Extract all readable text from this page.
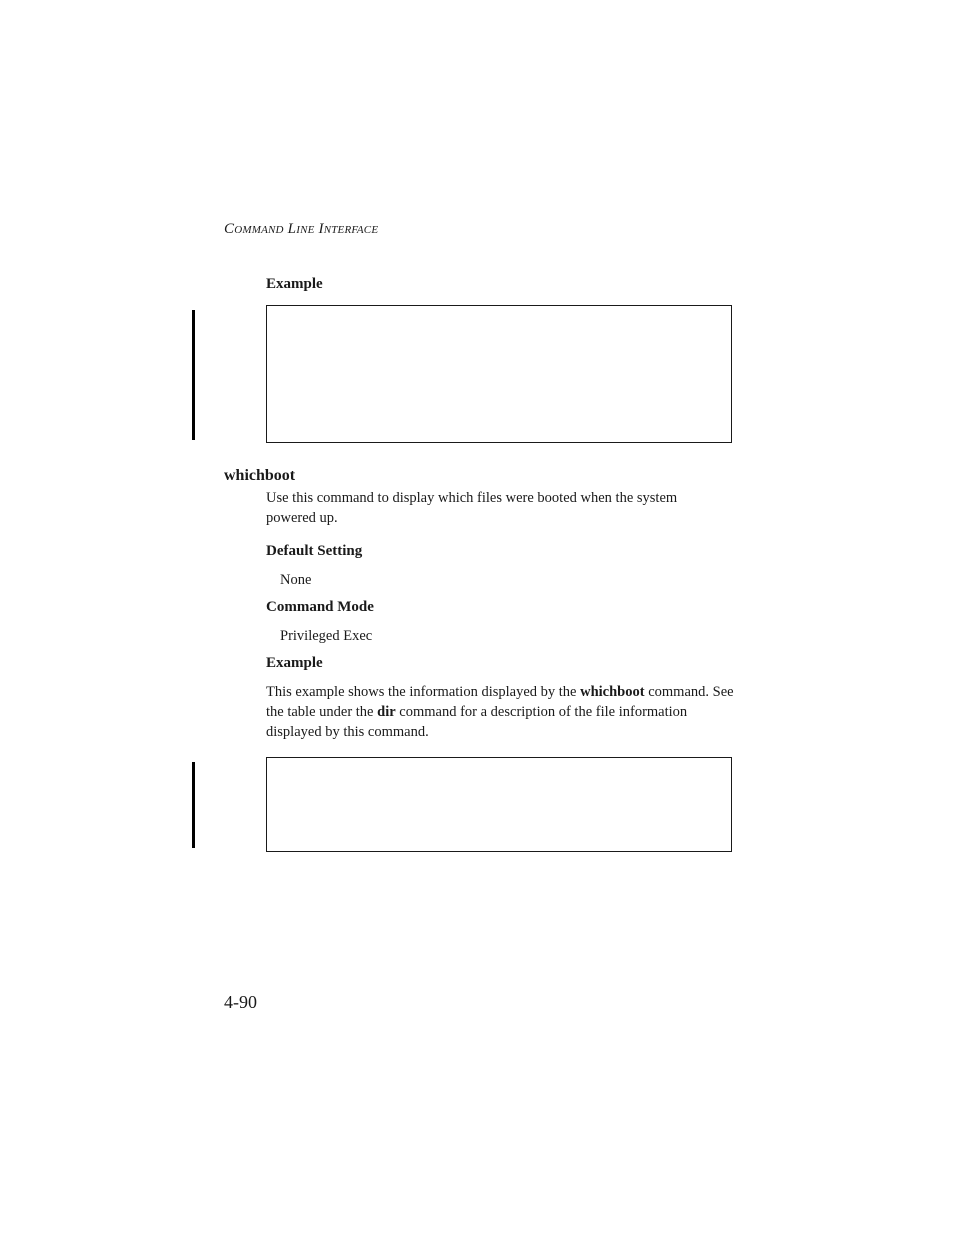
COMMAND LINE INTERFACE
Example
whichboot
Use this command to display which files were booted when the system powered up.
Default Setting
None
Command Mode
Privileged Exec
Example
This example shows the information displayed by the whichboot command. See the table under the dir command for a description of the file information displayed by this command.
4-90
